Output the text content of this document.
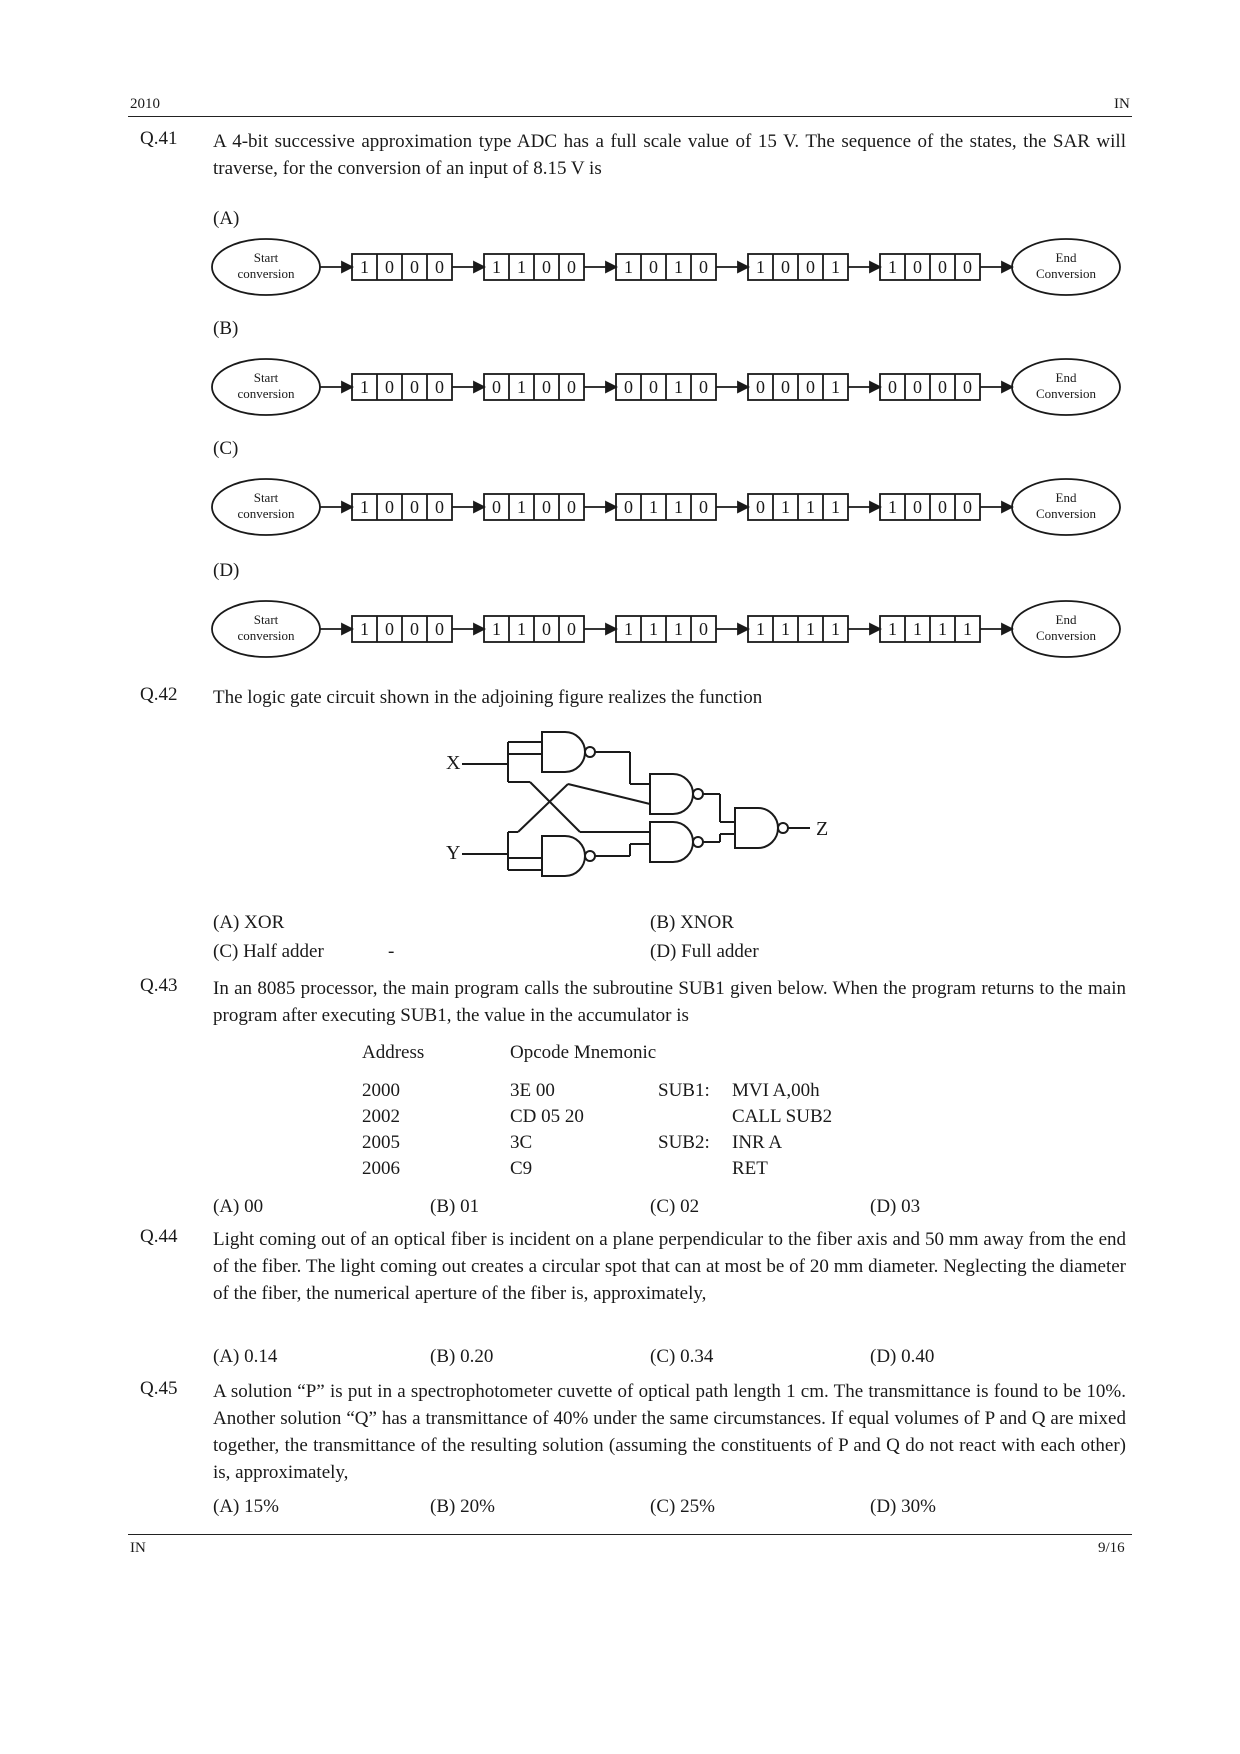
2010	IN
Q.41 A 4-bit successive approximation type ADC has a full scale value of 15 V. The sequence of the states, the SAR will traverse, for the conversion of an input of 8.15 V is
(A)
Start
conversion	1 0 0 0	1 1 0 0	1 0 1 0	1 0 0 1	1 0 0 0	End
Conversion
(B)
Start
conversion	1 0 0 0	0 1 0 0	0 0 1 0	0 0 0 1	0 0 0 0	End
Conversion
(C)
Start
conversion	1 0 0 0	0 1 0 0	0 1 1 0	0 1 1 1	1 0 0 0	End
Conversion
(D)
Start
conversion	1 0 0 0	1 1 0 0	1 1 1 0	1 1 1 1	1 1 1 1	End
Conversion
Q.42 The logic gate circuit shown in the adjoining figure realizes the function
X
Y
Z
(A) XOR	(B) XNOR
(C) Half adder	-	(D) Full adder
Q.43 In an 8085 processor, the main program calls the subroutine SUB1 given below. When the program returns to the main program after executing SUB1, the value in the accumulator is
Address	Opcode Mnemonic
2000	3E 00	SUB1: MVI A,00h
2002	CD 05 20	CALL SUB2
2005	3C	SUB2: INR A
2006	C9	RET
(A) 00	(B) 01	(C) 02	(D) 03
Q.44 Light coming out of an optical fiber is incident on a plane perpendicular to the fiber axis and 50 mm away from the end of the fiber. The light coming out creates a circular spot that can at most be of 20 mm diameter. Neglecting the diameter of the fiber, the numerical aperture of the fiber is, approximately,
(A) 0.14	(B) 0.20	(C) 0.34	(D) 0.40
Q.45 A solution “P” is put in a spectrophotometer cuvette of optical path length 1 cm. The transmittance is found to be 10%. Another solution “Q” has a transmittance of 40% under the same circumstances. If equal volumes of P and Q are mixed together, the transmittance of the resulting solution (assuming the constituents of P and Q do not react with each other) is, approximately,
(A) 15%	(B) 20%	(C) 25%	(D) 30%
IN	9/16
